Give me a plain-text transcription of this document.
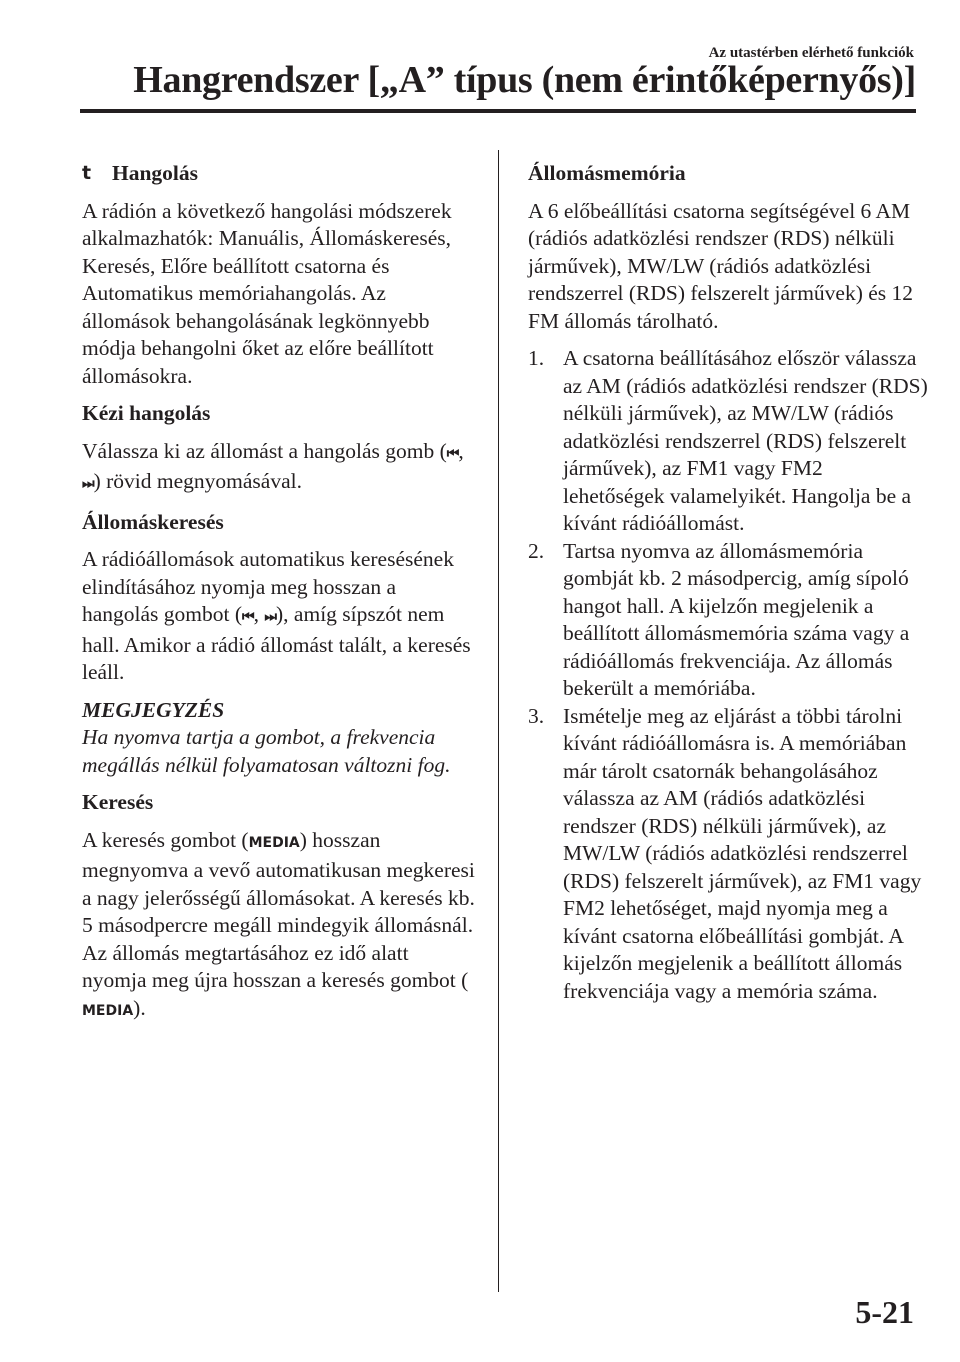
Az utastérben elérhető funkciók
Hangrendszer [„A” típus (nem érintőképernyős)]
t Hangolás

A rádión a következő hangolási módszerek alkalmazhatók: Manuális, Állomáskeresés, Keresés, Előre beállított csatorna és Automatikus memóriahangolás. Az állomások behangolásának legkönnyebb módja behangolni őket az előre beállított állomásokra.

Kézi hangolás

Válassza ki az állomást a hangolás gomb (⏮, ⏭) rövid megnyomásával.

Állomáskeresés

A rádióállomások automatikus keresésének elindításához nyomja meg hosszan a hangolás gombot (⏮, ⏭), amíg sípszót nem hall. Amikor a rádió állomást talált, a keresés leáll.

MEGJEGYZÉS

Ha nyomva tartja a gombot, a frekvencia megállás nélkül folyamatosan változni fog.

Keresés

A keresés gombot (MEDIA) hosszan megnyomva a vevő automatikusan megkeresi a nagy jelerősségű állomásokat. A keresés kb. 5 másodpercre megáll mindegyik állomásnál. Az állomás megtartásához ez idő alatt nyomja meg újra hosszan a keresés gombot (MEDIA).

Állomásmemória

A 6 előbeállítási csatorna segítségével 6 AM (rádiós adatközlési rendszer (RDS) nélküli járművek), MW/LW (rádiós adatközlési rendszerrel (RDS) felszerelt járművek) és 12 FM állomás tárolható.

1. A csatorna beállításához először válassza az AM (rádiós adatközlési rendszer (RDS) nélküli járművek), az MW/LW (rádiós adatközlési rendszerrel (RDS) felszerelt járművek), az FM1 vagy FM2 lehetőségek valamelyikét. Hangolja be a kívánt rádióállomást.
2. Tartsa nyomva az állomásmemória gombját kb. 2 másodpercig, amíg sípoló hangot hall. A kijelzőn megjelenik a beállított állomásmemória száma vagy a rádióállomás frekvenciája. Az állomás bekerült a memóriába.
3. Ismételje meg az eljárást a többi tárolni kívánt rádióállomásra is. A memóriában már tárolt csatornák behangolásához válassza az AM (rádiós adatközlési rendszer (RDS) nélküli járművek), az MW/LW (rádiós adatközlési rendszerrel (RDS) felszerelt járművek), az FM1 vagy FM2 lehetőséget, majd nyomja meg a kívánt csatorna előbeállítási gombját. A kijelzőn megjelenik a beállított állomás frekvenciája vagy a memória száma.
5-21
